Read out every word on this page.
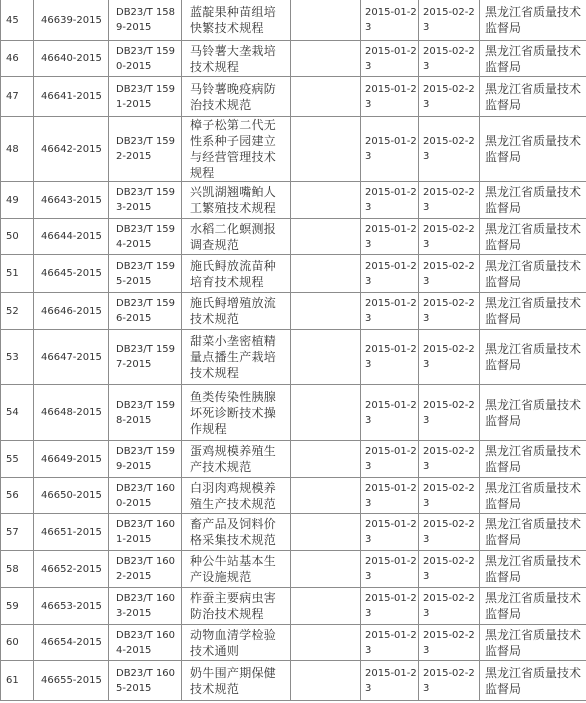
45	46639-2015	DB23/T 1589-2015	蓝靛果种苗组培快繁技术规程		2015-01-23	2015-02-23	黑龙江省质量技术监督局

46	46640-2015	DB23/T 1590-2015	马铃薯大垄栽培技术规程		2015-01-23	2015-02-23	黑龙江省质量技术监督局

47	46641-2015	DB23/T 1591-2015	马铃薯晚疫病防治技术规范		2015-01-23	2015-02-23	黑龙江省质量技术监督局

48	46642-2015	DB23/T 1592-2015	樟子松第二代无性系种子园建立与经营管理技术规程		2015-01-23	2015-02-23	黑龙江省质量技术监督局

49	46643-2015	DB23/T 1593-2015	兴凯湖翘嘴鲌人工繁殖技术规程		2015-01-23	2015-02-23	黑龙江省质量技术监督局

50	46644-2015	DB23/T 1594-2015	水稻二化螟测报调查规范		2015-01-23	2015-02-23	黑龙江省质量技术监督局

51	46645-2015	DB23/T 1595-2015	施氏鲟放流苗种培育技术规程		2015-01-23	2015-02-23	黑龙江省质量技术监督局

52	46646-2015	DB23/T 1596-2015	施氏鲟增殖放流技术规范		2015-01-23	2015-02-23	黑龙江省质量技术监督局

53	46647-2015	DB23/T 1597-2015	甜菜小垄密植精量点播生产栽培技术规程		2015-01-23	2015-02-23	黑龙江省质量技术监督局

54	46648-2015	DB23/T 1598-2015	鱼类传染性胰腺坏死诊断技术操作规程		2015-01-23	2015-02-23	黑龙江省质量技术监督局

55	46649-2015	DB23/T 1599-2015	蛋鸡规模养殖生产技术规范		2015-01-23	2015-02-23	黑龙江省质量技术监督局

56	46650-2015	DB23/T 1600-2015	白羽肉鸡规模养殖生产技术规范		2015-01-23	2015-02-23	黑龙江省质量技术监督局

57	46651-2015	DB23/T 1601-2015	畜产品及饲料价格采集技术规范		2015-01-23	2015-02-23	黑龙江省质量技术监督局

58	46652-2015	DB23/T 1602-2015	种公牛站基本生产设施规范		2015-01-23	2015-02-23	黑龙江省质量技术监督局

59	46653-2015	DB23/T 1603-2015	柞蚕主要病虫害防治技术规程		2015-01-23	2015-02-23	黑龙江省质量技术监督局

60	46654-2015	DB23/T 1604-2015	动物血清学检验技术通则		2015-01-23	2015-02-23	黑龙江省质量技术监督局

61	46655-2015	DB23/T 1605-2015	奶牛围产期保健技术规范		2015-01-23	2015-02-23	黑龙江省质量技术监督局
